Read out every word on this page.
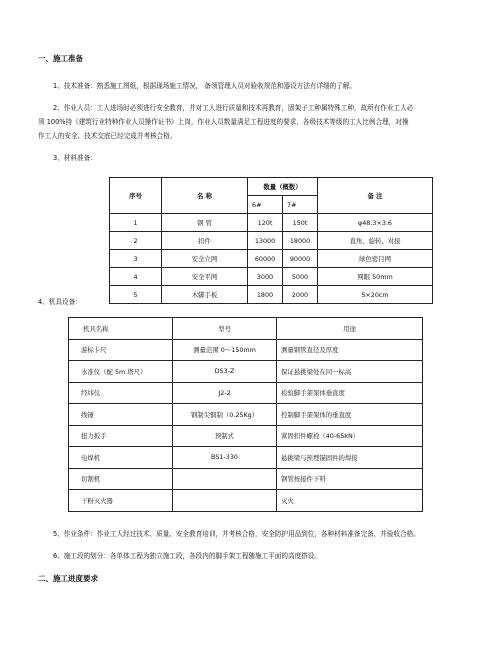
一、施工准备
1、技术准备：熟悉施工图纸，根据现场施工情况， 备领管理人员对验收规范和器设方法有详细的了解。
2、作业人员：工人进场时必须进行安全教育，并对工人进行质量和技术再教育，固架子工种属特殊工种，故所有作业工人必
须 100%持《建筑行业特种作业人员操作证书》上岗，作业人员数量满足工程进度的要求，各级技术等级的工人比例合理，对操
作工人的安全、技术交底已经完成并考核合格。
3、材料准备：
序号	名 称	数量（概数）		备 注
		6#	7#	
1	钢 管	120t	150t	φ48.3×3.6
2	扣件	13000	18000	直角、旋转、对接
3	安全立网	60000	90000	绿色密目网
4	安全平网	3000	5000	网眼 50mm
5	木脚手板	1800	2000	5×20cm
4、机具设备：
机具名称	型号	用途
游标卡尺	测量范围 0～150mm	测量钢管直径及厚度
水准仪（配 5m 塔尺）	DS3-Z	保证悬挑梁处在同一标高
经纬仪	J2-2	检验脚手架架体垂直度
线锤	钢制尖铜制（0.25Kg）	控制脚手架架体的垂直度
扭力扳手	预制式	紧固扣件螺栓（40-65kN）
电焊机	BS1-330	悬挑梁与预埋锚固件的焊接
切割机		钢管按接件下料
干粉灭火器		灭火
5、作业条件：作业工人经过技术、质量、安全教育培训，并考核合格，安全防护用品到位，各种材料准备完备，并验收合格。
6、施工段的划分：各单体工程为独立施工段，各段内的脚手架工程随施工平面的高度搭设。
二、施工进度要求
